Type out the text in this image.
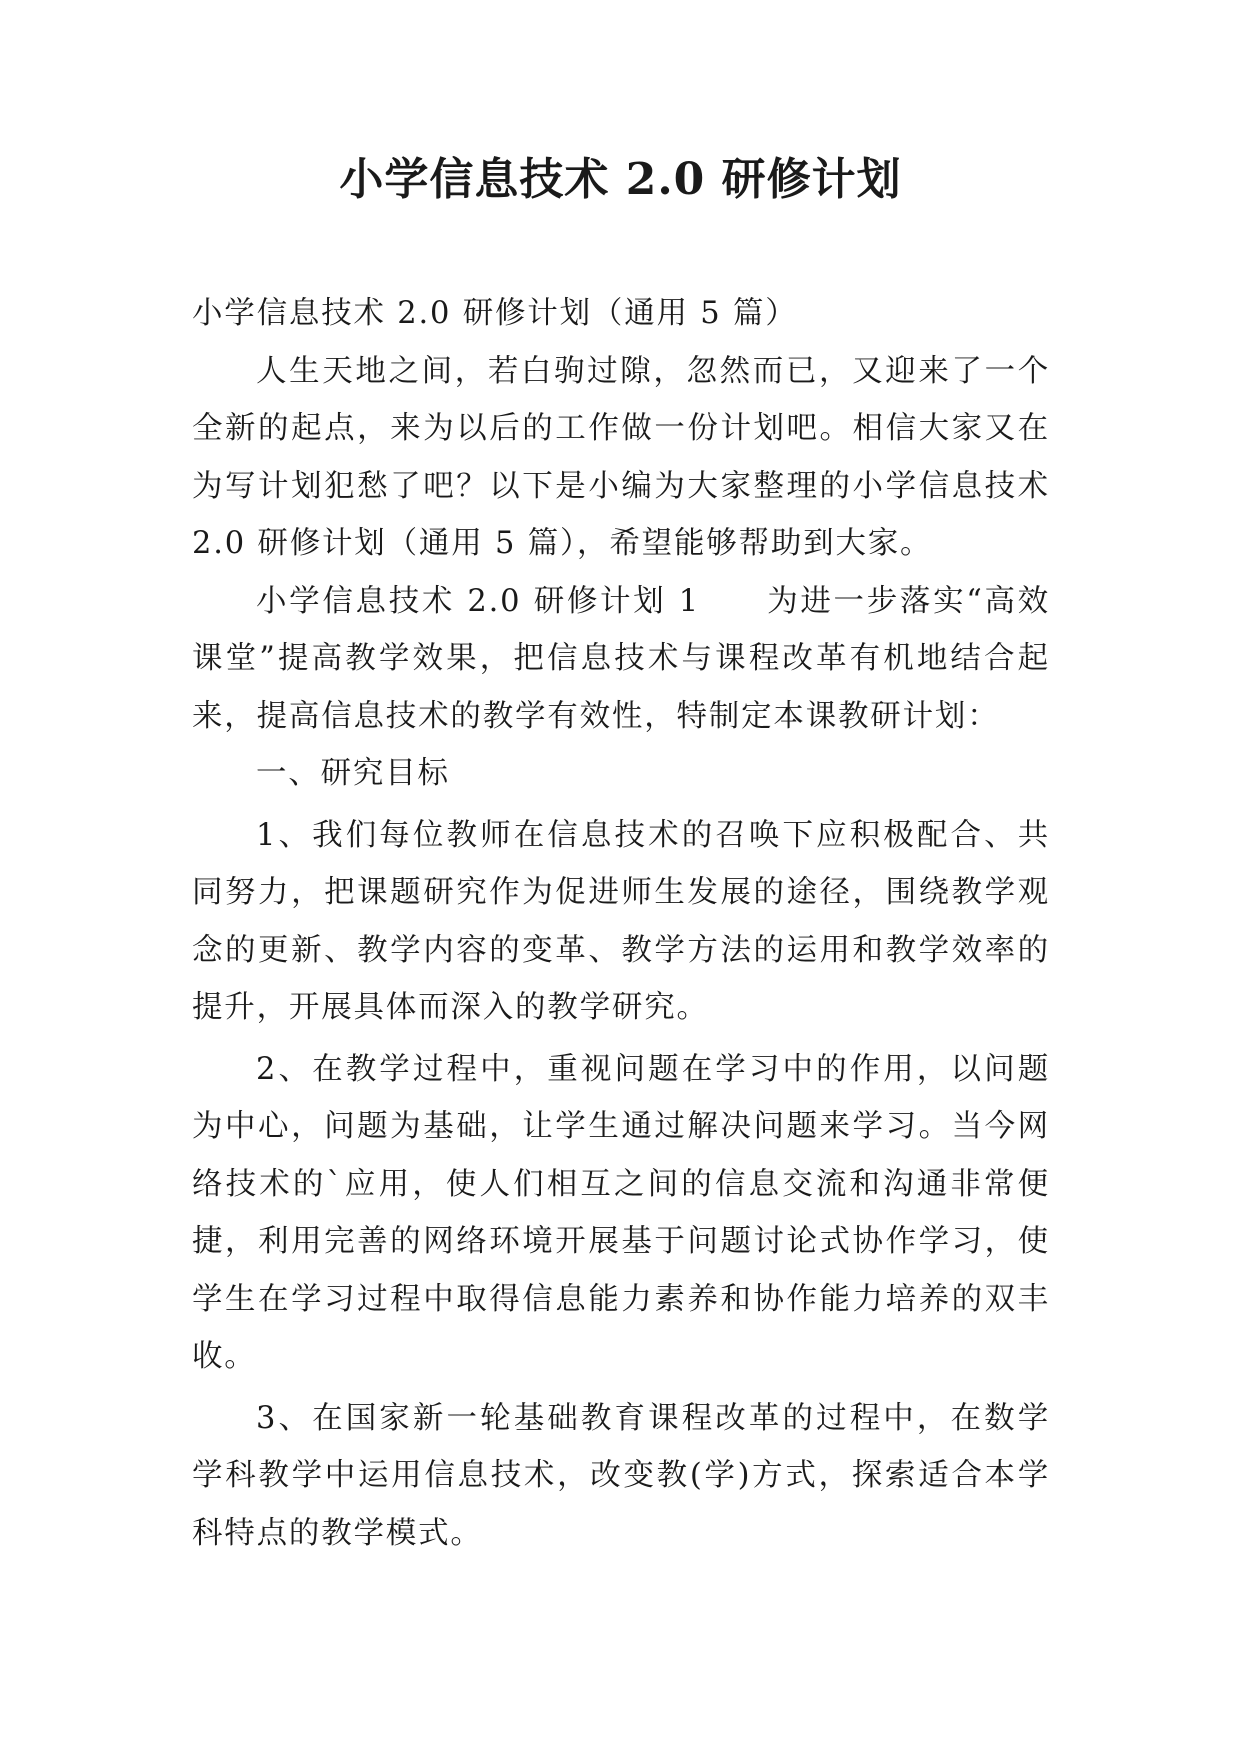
小学信息技术 2.0 研修计划

小学信息技术 2.0 研修计划（通用 5 篇）

人生天地之间，若白驹过隙，忽然而已，又迎来了一个全新的起点，来为以后的工作做一份计划吧。相信大家又在为写计划犯愁了吧？以下是小编为大家整理的小学信息技术 2.0 研修计划（通用 5 篇），希望能够帮助到大家。

小学信息技术 2.0 研修计划 1　　为进一步落实“高效课堂”提高教学效果，把信息技术与课程改革有机地结合起来，提高信息技术的教学有效性，特制定本课教研计划：

一、研究目标

1、我们每位教师在信息技术的召唤下应积极配合、共同努力，把课题研究作为促进师生发展的途径，围绕教学观念的更新、教学内容的变革、教学方法的运用和教学效率的提升，开展具体而深入的教学研究。

2、在教学过程中，重视问题在学习中的作用，以问题为中心，问题为基础，让学生通过解决问题来学习。当今网络技术的`应用，使人们相互之间的信息交流和沟通非常便捷，利用完善的网络环境开展基于问题讨论式协作学习，使学生在学习过程中取得信息能力素养和协作能力培养的双丰收。

3、在国家新一轮基础教育课程改革的过程中，在数学学科教学中运用信息技术，改变教(学)方式，探索适合本学科特点的教学模式。
